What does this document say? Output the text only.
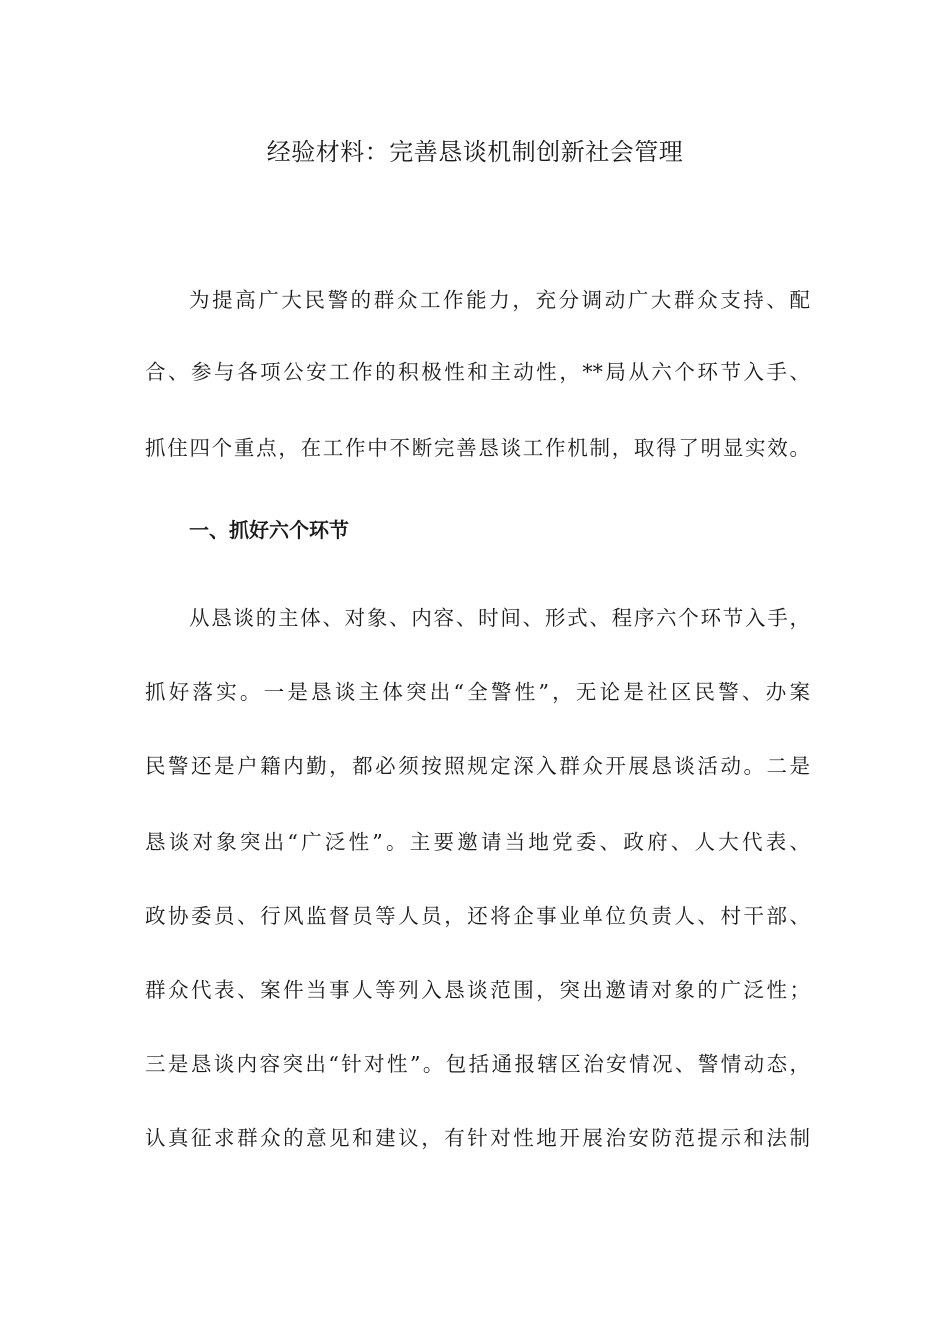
经验材料：完善恳谈机制创新社会管理
为提高广大民警的群众工作能力，充分调动广大群众支持、配
合、参与各项公安工作的积极性和主动性，**局从六个环节入手、
抓住四个重点，在工作中不断完善恳谈工作机制，取得了明显实效。
一、抓好六个环节
从恳谈的主体、对象、内容、时间、形式、程序六个环节入手，
抓好落实。一是恳谈主体突出“全警性”，无论是社区民警、办案
民警还是户籍内勤，都必须按照规定深入群众开展恳谈活动。二是
恳谈对象突出“广泛性”。主要邀请当地党委、政府、人大代表、
政协委员、行风监督员等人员，还将企事业单位负责人、村干部、
群众代表、案件当事人等列入恳谈范围，突出邀请对象的广泛性；
三是恳谈内容突出“针对性”。包括通报辖区治安情况、警情动态，
认真征求群众的意见和建议，有针对性地开展治安防范提示和法制
